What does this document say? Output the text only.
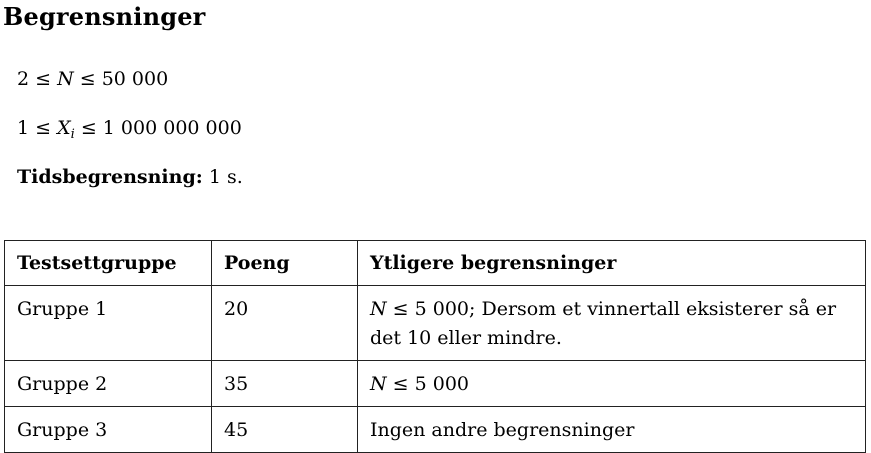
Begrensninger
2 ≤ N ≤ 50 000
$1 \le X_i \le 1$ 000 000 000
Tidsbegrensning: 1 s.
Testsettgruppe	Poeng	Ytligere begrensninger
Gruppe 1	20	N ≤ 5 000; Dersom et vinnertall eksisterer så er
det 10 eller mindre.
Gruppe 2	35	N ≤ 5 000
Gruppe 3	45	Ingen andre begrensninger
